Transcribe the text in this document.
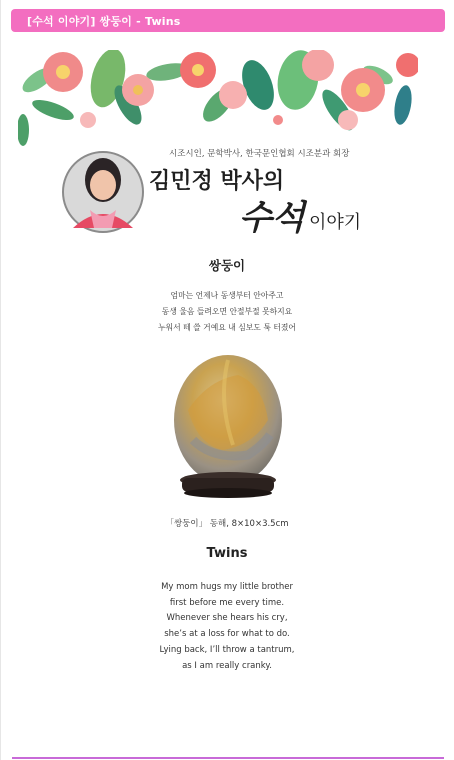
[수석 이야기] 쌍둥이 - Twins
시조시인, 문학박사, 한국문인협회 시조분과 회장
김민정 박사의
수석 이야기
쌍둥이
엄마는 언제나 동생부터 안아주고
동생 울음 들려오면 안절부절 못하지요
누워서 떼 쓸 거예요 내 심보도 툭 터졌어
「쌍둥이」 동해, 8×10×3.5cm
Twins
My mom hugs my little brother
first before me every time.
Whenever she hears his cry,
she’s at a loss for what to do.
Lying back, I’ll throw a tantrum,
as I am really cranky.
